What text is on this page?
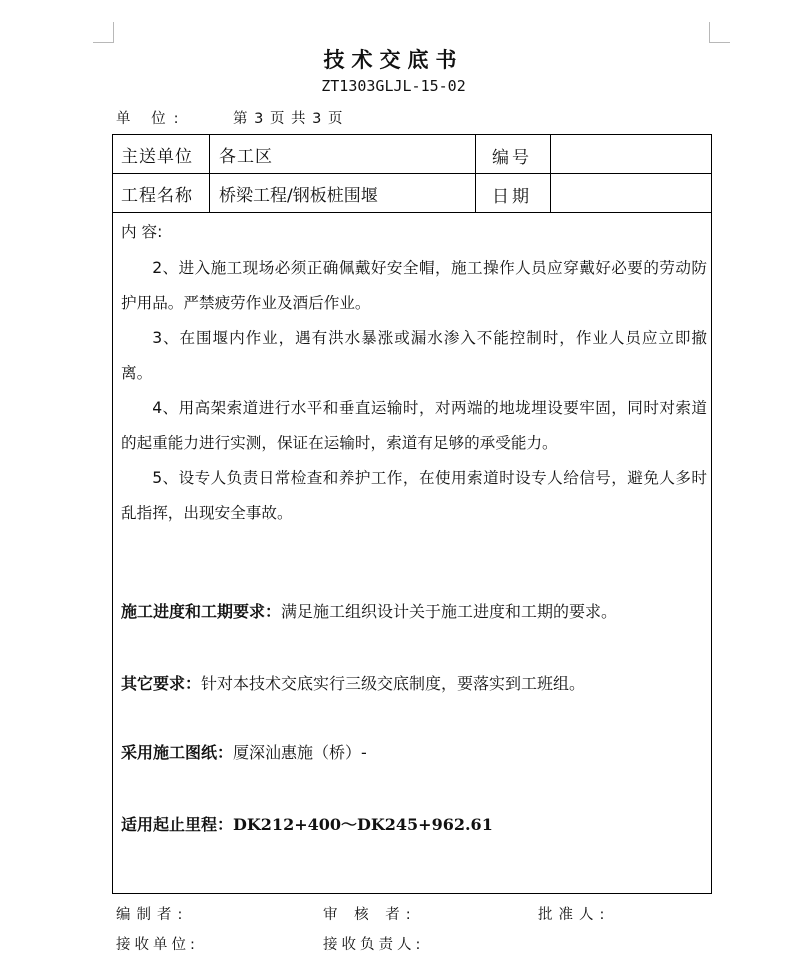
技术交底书
ZT1303GLJL-15-02
单 位:	第 3 页 共 3 页
主送单位 各工区	编号
工程名称 桥梁工程/钢板桩围堰	日期
内 容:
2、进入施工现场必须正确佩戴好安全帽，施工操作人员应穿戴好必要的劳动防护用品。严禁疲劳作业及酒后作业。
3、在围堰内作业，遇有洪水暴涨或漏水渗入不能控制时，作业人员应立即撤离。
4、用高架索道进行水平和垂直运输时，对两端的地垅埋设要牢固，同时对索道的起重能力进行实测，保证在运输时，索道有足够的承受能力。
5、设专人负责日常检查和养护工作，在使用索道时设专人给信号，避免人多时乱指挥，出现安全事故。
施工进度和工期要求：满足施工组织设计关于施工进度和工期的要求。
其它要求：针对本技术交底实行三级交底制度，要落实到工班组。
采用施工图纸：厦深汕惠施（桥）-
适用起止里程：DK212+400～DK245+962.61
编制者:	审 核 者:	批准人:
接收单位:	接收负责人:
